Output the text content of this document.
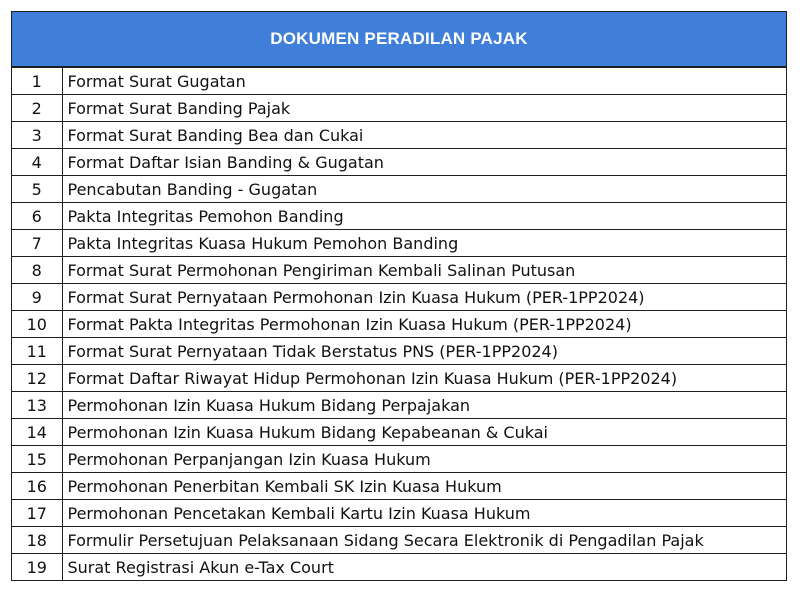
DOKUMEN PERADILAN PAJAK
1	Format Surat Gugatan
2	Format Surat Banding Pajak
3	Format Surat Banding Bea dan Cukai
4	Format Daftar Isian Banding & Gugatan
5	Pencabutan Banding - Gugatan
6	Pakta Integritas Pemohon Banding
7	Pakta Integritas Kuasa Hukum Pemohon Banding
8	Format Surat Permohonan Pengiriman Kembali Salinan Putusan
9	Format Surat Pernyataan Permohonan Izin Kuasa Hukum (PER-1PP2024)
10	Format Pakta Integritas Permohonan Izin Kuasa Hukum (PER-1PP2024)
11	Format Surat Pernyataan Tidak Berstatus PNS (PER-1PP2024)
12	Format Daftar Riwayat Hidup Permohonan Izin Kuasa Hukum (PER-1PP2024)
13	Permohonan Izin Kuasa Hukum Bidang Perpajakan
14	Permohonan Izin Kuasa Hukum Bidang Kepabeanan & Cukai
15	Permohonan Perpanjangan Izin Kuasa Hukum
16	Permohonan Penerbitan Kembali SK Izin Kuasa Hukum
17	Permohonan Pencetakan Kembali Kartu Izin Kuasa Hukum
18	Formulir Persetujuan Pelaksanaan Sidang Secara Elektronik di Pengadilan Pajak
19	Surat Registrasi Akun e-Tax Court
